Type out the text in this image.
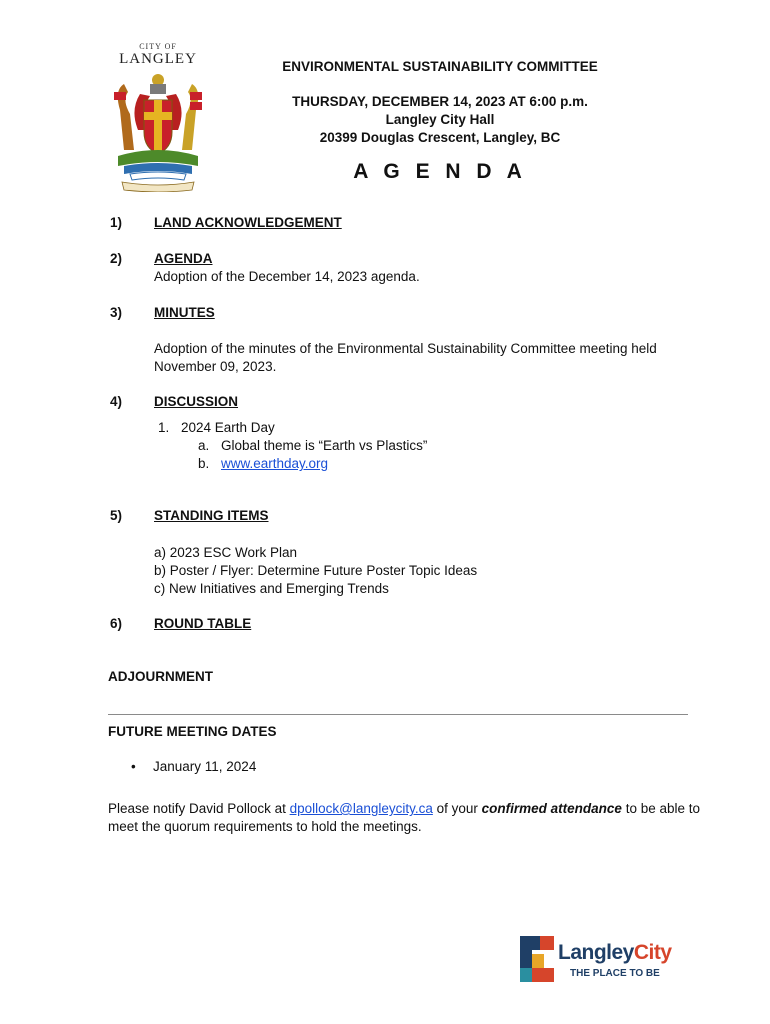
CITY OF
LANGLEY	ENVIRONMENTAL SUSTAINABILITY COMMITTEE
THURSDAY, DECEMBER 14, 2023 AT 6:00 p.m.
Langley City Hall
20399 Douglas Crescent, Langley, BC
A G E N D A
1) LAND ACKNOWLEDGEMENT
2) AGENDA
Adoption of the December 14, 2023 agenda.
3) MINUTES
Adoption of the minutes of the Environmental Sustainability Committee meeting held November 09, 2023.
4) DISCUSSION
1. 2024 Earth Day
a. Global theme is “Earth vs Plastics”
b. www.earthday.org
5) STANDING ITEMS
a) 2023 ESC Work Plan
b) Poster / Flyer: Determine Future Poster Topic Ideas
c) New Initiatives and Emerging Trends
6) ROUND TABLE
ADJOURNMENT
FUTURE MEETING DATES
• January 11, 2024
Please notify David Pollock at dpollock@langleycity.ca of your confirmed attendance to be able to meet the quorum requirements to hold the meetings.
LangleyCity
THE PLACE TO BE
